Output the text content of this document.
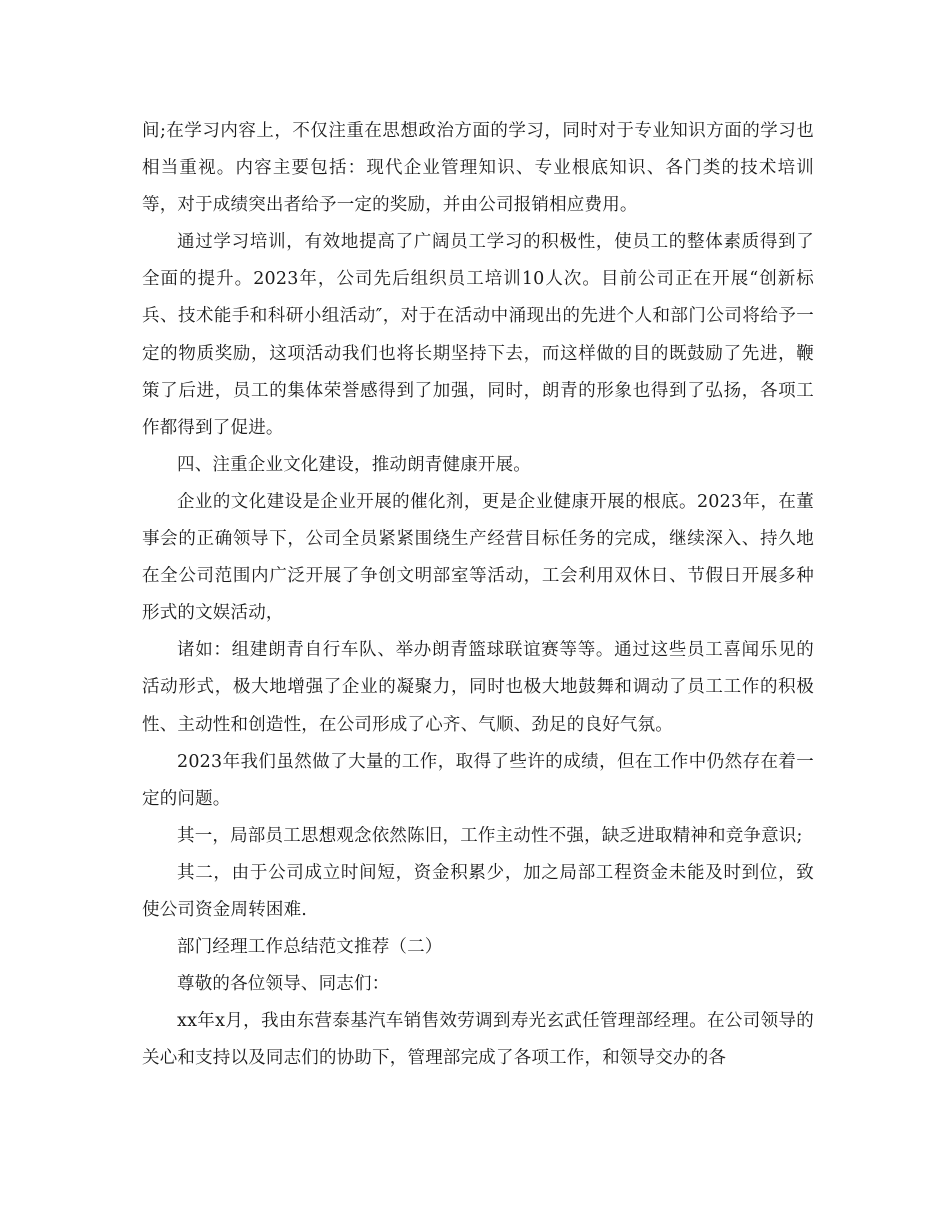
间;在学习内容上，不仅注重在思想政治方面的学习，同时对于专业知识方面的学习也相当重视。内容主要包括：现代企业管理知识、专业根底知识、各门类的技术培训等，对于成绩突出者给予一定的奖励，并由公司报销相应费用。

通过学习培训，有效地提高了广阔员工学习的积极性，使员工的整体素质得到了全面的提升。2023年，公司先后组织员工培训10人次。目前公司正在开展“创新标兵、技术能手和科研小组活动″，对于在活动中涌现出的先进个人和部门公司将给予一定的物质奖励，这项活动我们也将长期坚持下去，而这样做的目的既鼓励了先进，鞭策了后进，员工的集体荣誉感得到了加强，同时，朗青的形象也得到了弘扬，各项工作都得到了促进。

四、注重企业文化建设，推动朗青健康开展。

企业的文化建设是企业开展的催化剂，更是企业健康开展的根底。2023年，在董事会的正确领导下，公司全员紧紧围绕生产经营目标任务的完成，继续深入、持久地在全公司范围内广泛开展了争创文明部室等活动，工会利用双休日、节假日开展多种形式的文娱活动，

诸如：组建朗青自行车队、举办朗青篮球联谊赛等等。通过这些员工喜闻乐见的活动形式，极大地增强了企业的凝聚力，同时也极大地鼓舞和调动了员工工作的积极性、主动性和创造性，在公司形成了心齐、气顺、劲足的良好气氛。

2023年我们虽然做了大量的工作，取得了些许的成绩，但在工作中仍然存在着一定的问题。

其一，局部员工思想观念依然陈旧，工作主动性不强，缺乏进取精神和竞争意识;

其二，由于公司成立时间短，资金积累少，加之局部工程资金未能及时到位，致使公司资金周转困难.

部门经理工作总结范文推荐（二）

尊敬的各位领导、同志们：

xx年x月，我由东营泰基汽车销售效劳调到寿光玄武任管理部经理。在公司领导的关心和支持以及同志们的协助下，管理部完成了各项工作，和领导交办的各
